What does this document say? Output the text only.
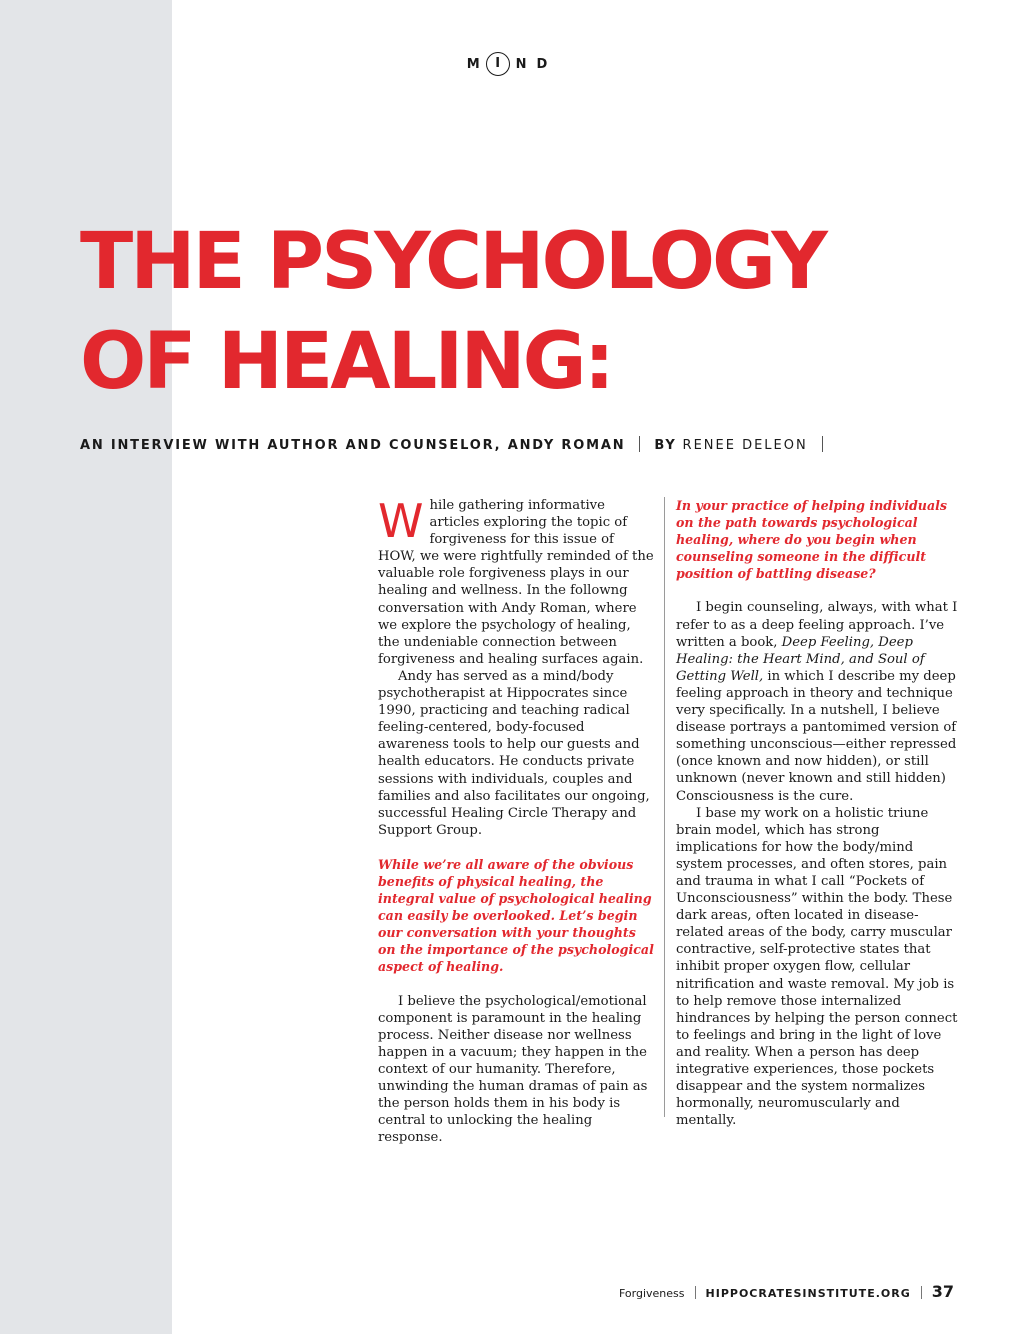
M I ND
THE PSYCHOLOGY
OF HEALING:
AN INTERVIEW WITH AUTHOR AND COUNSELOR, ANDY ROMAN BY RENEE DELEON

While gathering informative articles exploring the topic of forgiveness for this issue of HOW, we were rightfully reminded of the valuable role forgiveness plays in our healing and wellness. In the followng conversation with Andy Roman, where we explore the psychology of healing, the undeniable connection between forgiveness and healing surfaces again.

Andy has served as a mind/body psychotherapist at Hippocrates since 1990, practicing and teaching radical feeling-centered, body-focused awareness tools to help our guests and health educators. He conducts private sessions with individuals, couples and families and also facilitates our ongoing, successful Healing Circle Therapy and Support Group.

While we’re all aware of the obvious benefits of physical healing, the integral value of psychological healing can easily be overlooked. Let’s begin our conversation with your thoughts on the importance of the psychological aspect of healing.

I believe the psychological/emotional component is paramount in the healing process. Neither disease nor wellness happen in a vacuum; they happen in the context of our humanity. Therefore, unwinding the human dramas of pain as the person holds them in his body is central to unlocking the healing response.

In your practice of helping individuals on the path towards psychological healing, where do you begin when counseling someone in the difficult position of battling disease?

I begin counseling, always, with what I refer to as a deep feeling approach. I’ve written a book, Deep Feeling, Deep Healing: the Heart Mind, and Soul of Getting Well, in which I describe my deep feeling approach in theory and technique very specifically. In a nutshell, I believe disease portrays a pantomimed version of something unconscious—either repressed (once known and now hidden), or still unknown (never known and still hidden) Consciousness is the cure.

I base my work on a holistic triune brain model, which has strong implications for how the body/mind system processes, and often stores, pain and trauma in what I call “Pockets of Unconsciousness” within the body. These dark areas, often located in disease-related areas of the body, carry muscular contractive, self-protective states that inhibit proper oxygen flow, cellular nitrification and waste removal. My job is to help remove those internalized hindrances by helping the person connect to feelings and bring in the light of love and reality. When a person has deep integrative experiences, those pockets disappear and the system normalizes hormonally, neuromuscularly and mentally.

Forgiveness HIPPOCRATESINSTITUTE.ORG 37
